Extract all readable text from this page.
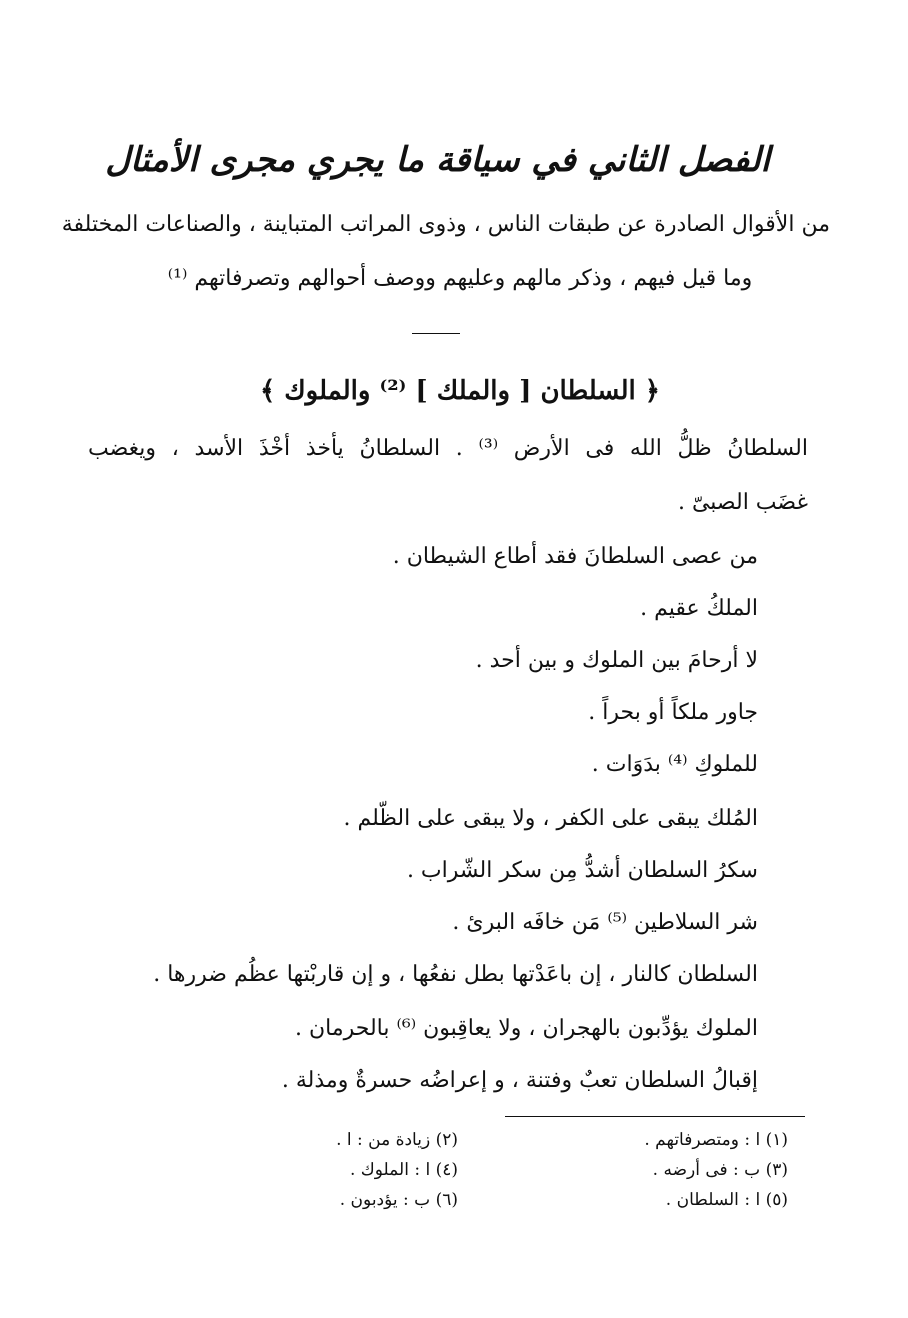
الفصل الثاني في سياقة ما يجري مجرى الأمثال
من الأقوال الصادرة عن طبقات الناس ، وذوى المراتب المتباينة ، والصناعات المختلفة
وما قيل فيهم ، وذكر مالهم وعليهم ووصف أحوالهم وتصرفاتهم ⁽¹⁾
﴿ السلطان [ والملك ] ⁽²⁾ والملوك ﴾
السلطانُ ظلُّ الله فى الأرض ⁽³⁾ . السلطانُ يأخذ أخْذَ الأسد ، ويغضب
غضَب الصبىّ .
من عصى السلطانَ فقد أطاع الشيطان .
الملكُ عقيم .
لا أرحامَ بين الملوك و بين أحد .
جاور ملكاً أو بحراً .
للملوكِ ⁽⁴⁾ بدَوَات .
المُلك يبقى على الكفر ، ولا يبقى على الظّلم .
سكرُ السلطان أشدُّ مِن سكر الشّراب .
شر السلاطين ⁽⁵⁾ مَن خافَه البرئ .
السلطان كالنار ، إن باعَدْتها بطل نفعُها ، و إن قاربْتها عظُم ضررها .
الملوك يؤدِّبون بالهجران ، ولا يعاقِبون ⁽⁶⁾ بالحرمان .
إقبالُ السلطان تعبٌ وفتنة ، و إعراضُه حسرةٌ ومذلة .
(١) ا : ومتصرفاتهم .
(٢) زيادة من : ا .
(٣) ب : فى أرضه .
(٤) ا : الملوك .
(٥) ا : السلطان .
(٦) ب : يؤدبون .
